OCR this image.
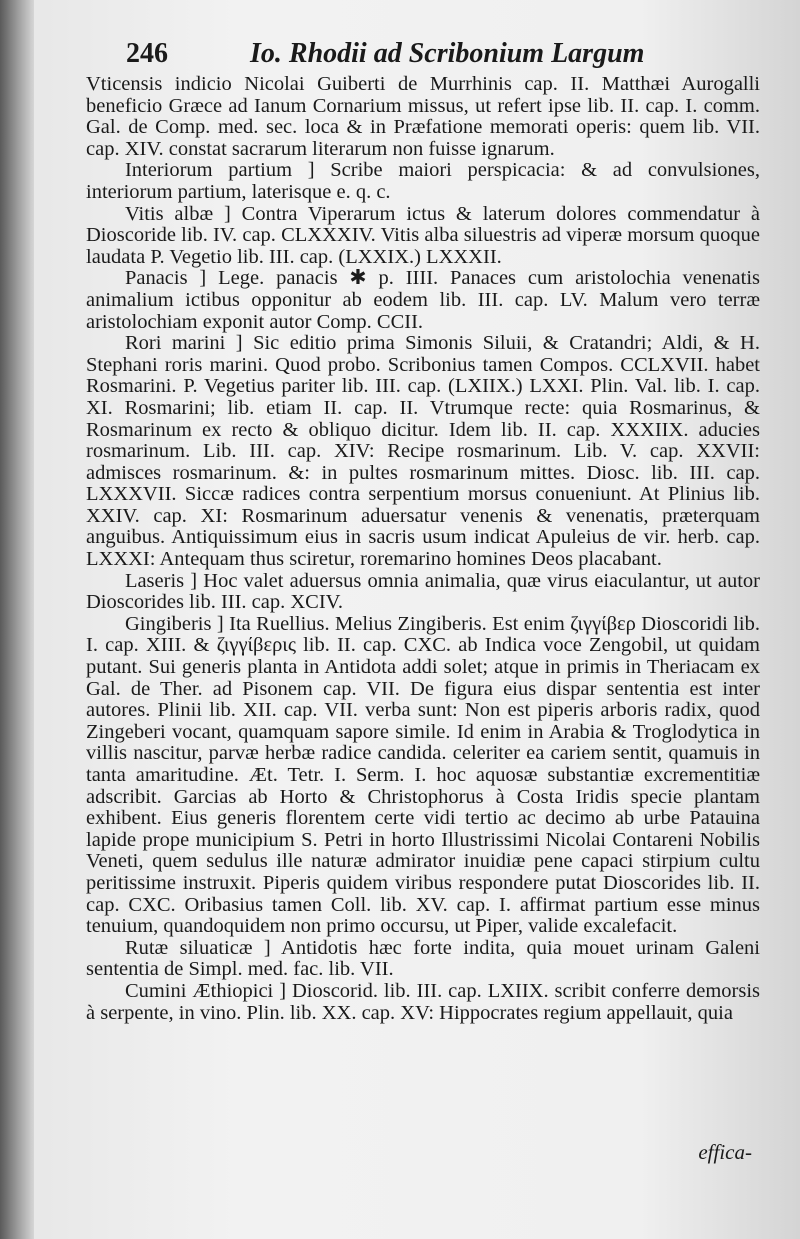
246	Io. Rhodii ad Scribonium Largum

Vticensis indicio Nicolai Guiberti de Murrhinis cap. II. Matthæi Aurogalli beneficio Græce ad Ianum Cornarium missus, ut refert ipse lib. II. cap. I. comm. Gal. de Comp. med. sec. loca & in Præfatione memorati operis: quem lib. VII. cap. XIV. constat sacrarum literarum non fuisse ignarum.

Interiorum partium ] Scribe maiori perspicacia: & ad convulsiones, interiorum partium, laterisque e. q. c.

Vitis albæ ] Contra Viperarum ictus & laterum dolores commendatur à Dioscoride lib. IV. cap. CLXXXIV. Vitis alba siluestris ad viperæ morsum quoque laudata P. Vegetio lib. III. cap. (LXXIX.) LXXXII.

Panacis ] Lege. panacis ✱ p. IIII. Panaces cum aristolochia venenatis animalium ictibus opponitur ab eodem lib. III. cap. LV. Malum vero terræ aristolochiam exponit autor Comp. CCII.

Rori marini ] Sic editio prima Simonis Siluii, & Cratandri; Aldi, & H. Stephani roris marini. Quod probo. Scribonius tamen Compos. CCLXVII. habet Rosmarini. P. Vegetius pariter lib. III. cap. (LXIIX.) LXXI. Plin. Val. lib. I. cap. XI. Rosmarini; lib. etiam II. cap. II. Vtrumque recte: quia Rosmarinus, & Rosmarinum ex recto & obliquo dicitur. Idem lib. II. cap. XXXIIX. aducies rosmarinum. Lib. III. cap. XIV: Recipe rosmarinum. Lib. V. cap. XXVII: admisces rosmarinum. &: in pultes rosmarinum mittes. Diosc. lib. III. cap. LXXXVII. Siccæ radices contra serpentium morsus conueniunt. At Plinius lib. XXIV. cap. XI: Rosmarinum aduersatur venenis & venenatis, præterquam anguibus. Antiquissimum eius in sacris usum indicat Apuleius de vir. herb. cap. LXXXI: Antequam thus sciretur, roremarino homines Deos placabant.

Laseris ] Hoc valet aduersus omnia animalia, quæ virus eiaculantur, ut autor Dioscorides lib. III. cap. XCIV.

Gingiberis ] Ita Ruellius. Melius Zingiberis. Est enim ζιγγίβερ Dioscoridi lib. I. cap. XIII. & ζιγγίβερις lib. II. cap. CXC. ab Indica voce Zengobil, ut quidam putant. Sui generis planta in Antidota addi solet; atque in primis in Theriacam ex Gal. de Ther. ad Pisonem cap. VII. De figura eius dispar sententia est inter autores. Plinii lib. XII. cap. VII. verba sunt: Non est piperis arboris radix, quod Zingeberi vocant, quamquam sapore simile. Id enim in Arabia & Troglodytica in villis nascitur, parvæ herbæ radice candida. celeriter ea cariem sentit, quamuis in tanta amaritudine. Æt. Tetr. I. Serm. I. hoc aquosæ substantiæ excrementitiæ adscribit. Garcias ab Horto & Christophorus à Costa Iridis specie plantam exhibent. Eius generis florentem certe vidi tertio ac decimo ab urbe Patauina lapide prope municipium S. Petri in horto Illustrissimi Nicolai Contareni Nobilis Veneti, quem sedulus ille naturæ admirator inuidiæ pene capaci stirpium cultu peritissime instruxit. Piperis quidem viribus respondere putat Dioscorides lib. II. cap. CXC. Oribasius tamen Coll. lib. XV. cap. I. affirmat partium esse minus tenuium, quandoquidem non primo occursu, ut Piper, valide excalefacit.

Rutæ siluaticæ ] Antidotis hæc forte indita, quia mouet urinam Galeni sententia de Simpl. med. fac. lib. VII.

Cumini Æthiopici ] Dioscorid. lib. III. cap. LXIIX. scribit conferre demorsis à serpente, in vino. Plin. lib. XX. cap. XV: Hippocrates regium appellauit, quia

effica-
